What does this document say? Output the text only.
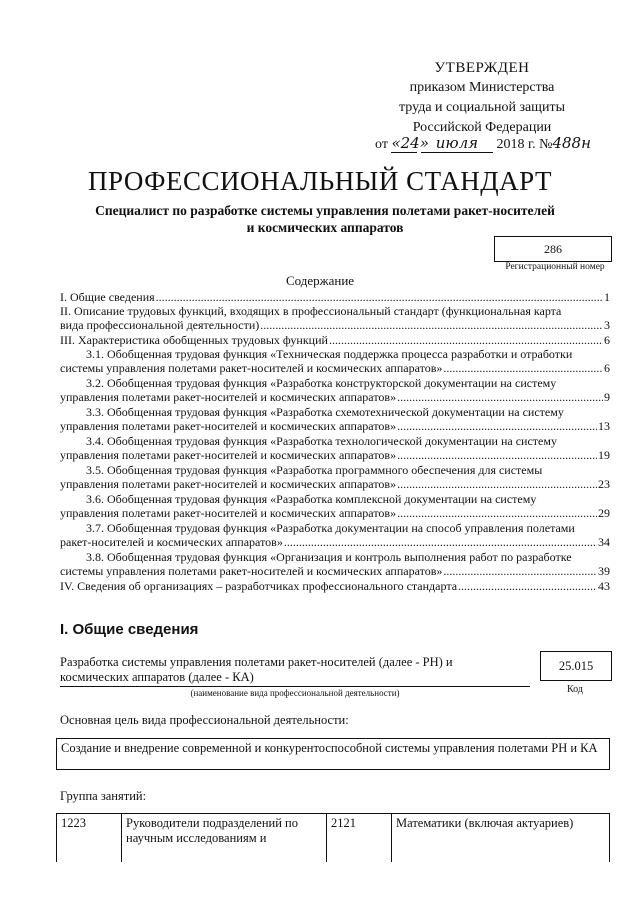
УТВЕРЖДЕН
приказом Министерства
труда и социальной защиты
Российской Федерации
от «24» июля 2018 г. №488н
ПРОФЕССИОНАЛЬНЫЙ СТАНДАРТ
Специалист по разработке системы управления полетами ракет-носителей
и космических аппаратов
286
Регистрационный номер
Содержание
I. Общие сведения .....	1
II. Описание трудовых функций, входящих в профессиональный стандарт (функциональная карта
вида профессиональной деятельности) .....	3
III. Характеристика обобщенных трудовых функций .....	6
3.1. Обобщенная трудовая функция «Техническая поддержка процесса разработки и отработки
системы управления полетами ракет-носителей и космических аппаратов» .....	6
3.2. Обобщенная трудовая функция «Разработка конструкторской документации на систему
управления полетами ракет-носителей и космических аппаратов» .....	9
3.3. Обобщенная трудовая функция «Разработка схемотехнической документации на систему
управления полетами ракет-носителей и космических аппаратов» .....	13
3.4. Обобщенная трудовая функция «Разработка технологической документации на систему
управления полетами ракет-носителей и космических аппаратов» .....	19
3.5. Обобщенная трудовая функция «Разработка программного обеспечения для системы
управления полетами ракет-носителей и космических аппаратов» .....	23
3.6. Обобщенная трудовая функция «Разработка комплексной документации на систему
управления полетами ракет-носителей и космических аппаратов» .....	29
3.7. Обобщенная трудовая функция «Разработка документации на способ управления полетами
ракет-носителей и космических аппаратов» .....	34
3.8. Обобщенная трудовая функция «Организация и контроль выполнения работ по разработке
системы управления полетами ракет-носителей и космических аппаратов» .....	39
IV. Сведения об организациях – разработчиках профессионального стандарта .....	43
I. Общие сведения
Разработка системы управления полетами ракет-носителей (далее - РН) и
космических аппаратов (далее - КА)
(наименование вида профессиональной деятельности)
25.015
Код
Основная цель вида профессиональной деятельности:
Создание и внедрение современной и конкурентоспособной системы управления полетами РН и КА
Группа занятий:
1223	Руководители подразделений по научным исследованиям и	2121	Математики (включая актуариев)
